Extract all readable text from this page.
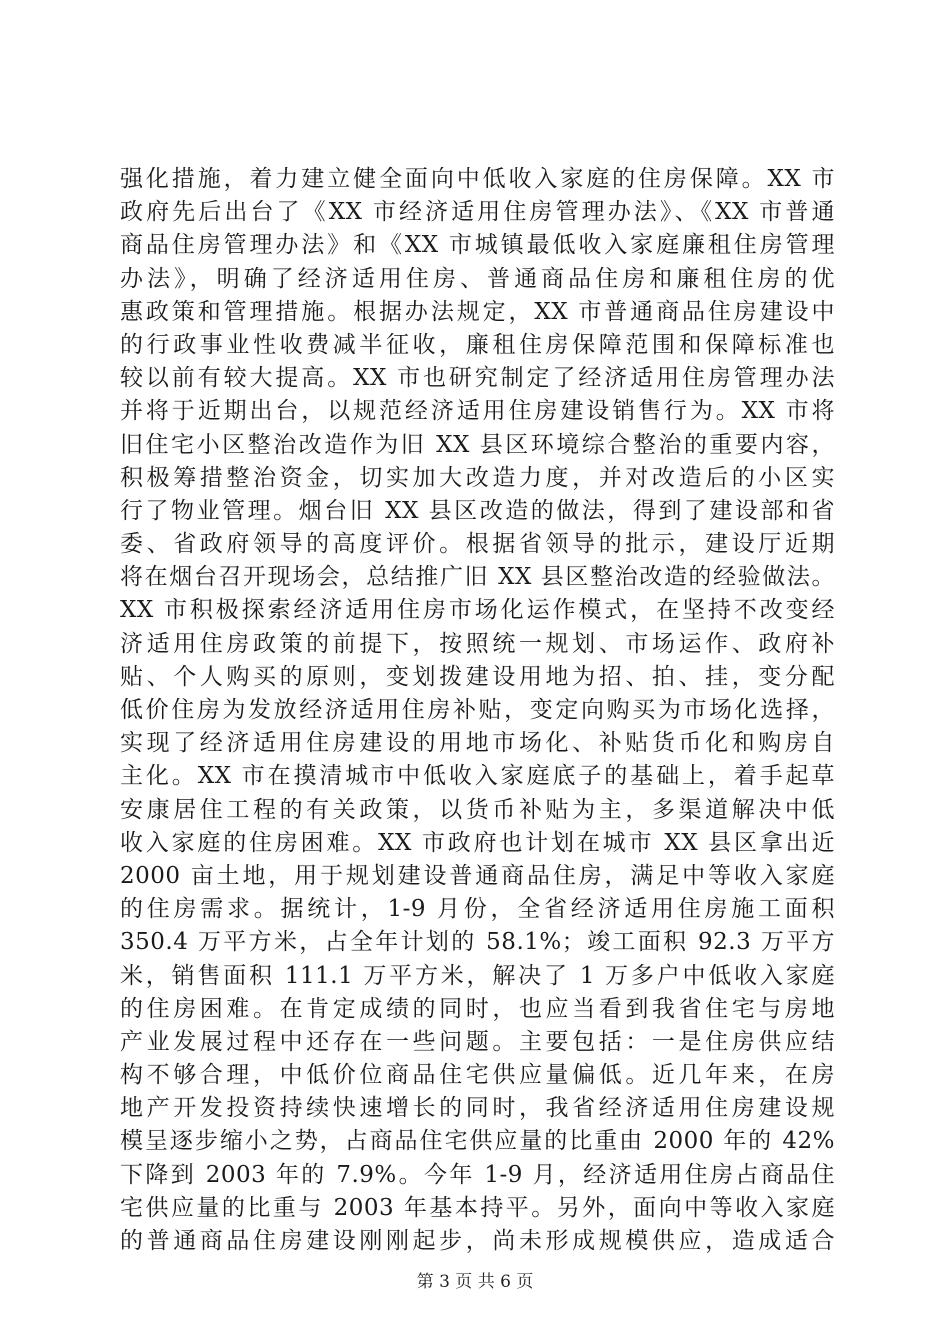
强化措施，着力建立健全面向中低收入家庭的住房保障。XX 市
政府先后出台了《XX 市经济适用住房管理办法》、《XX 市普通
商品住房管理办法》和《XX 市城镇最低收入家庭廉租住房管理
办法》，明确了经济适用住房、普通商品住房和廉租住房的优
惠政策和管理措施。根据办法规定，XX 市普通商品住房建设中
的行政事业性收费减半征收，廉租住房保障范围和保障标准也
较以前有较大提高。XX 市也研究制定了经济适用住房管理办法
并将于近期出台，以规范经济适用住房建设销售行为。XX 市将
旧住宅小区整治改造作为旧 XX 县区环境综合整治的重要内容，
积极筹措整治资金，切实加大改造力度，并对改造后的小区实
行了物业管理。烟台旧 XX 县区改造的做法，得到了建设部和省
委、省政府领导的高度评价。根据省领导的批示，建设厅近期
将在烟台召开现场会，总结推广旧 XX 县区整治改造的经验做法。
XX 市积极探索经济适用住房市场化运作模式，在坚持不改变经
济适用住房政策的前提下，按照统一规划、市场运作、政府补
贴、个人购买的原则，变划拨建设用地为招、拍、挂，变分配
低价住房为发放经济适用住房补贴，变定向购买为市场化选择，
实现了经济适用住房建设的用地市场化、补贴货币化和购房自
主化。XX 市在摸清城市中低收入家庭底子的基础上，着手起草
安康居住工程的有关政策，以货币补贴为主，多渠道解决中低
收入家庭的住房困难。XX 市政府也计划在城市 XX 县区拿出近
2000 亩土地，用于规划建设普通商品住房，满足中等收入家庭
的住房需求。据统计，1-9 月份，全省经济适用住房施工面积
350.4 万平方米，占全年计划的 58.1%；竣工面积 92.3 万平方
米，销售面积 111.1 万平方米，解决了 1 万多户中低收入家庭
的住房困难。在肯定成绩的同时，也应当看到我省住宅与房地
产业发展过程中还存在一些问题。主要包括：一是住房供应结
构不够合理，中低价位商品住宅供应量偏低。近几年来，在房
地产开发投资持续快速增长的同时，我省经济适用住房建设规
模呈逐步缩小之势，占商品住宅供应量的比重由 2000 年的 42%
下降到 2003 年的 7.9%。今年 1-9 月，经济适用住房占商品住
宅供应量的比重与 2003 年基本持平。另外，面向中等收入家庭
的普通商品住房建设刚刚起步，尚未形成规模供应，造成适合
第 3 页 共 6 页
